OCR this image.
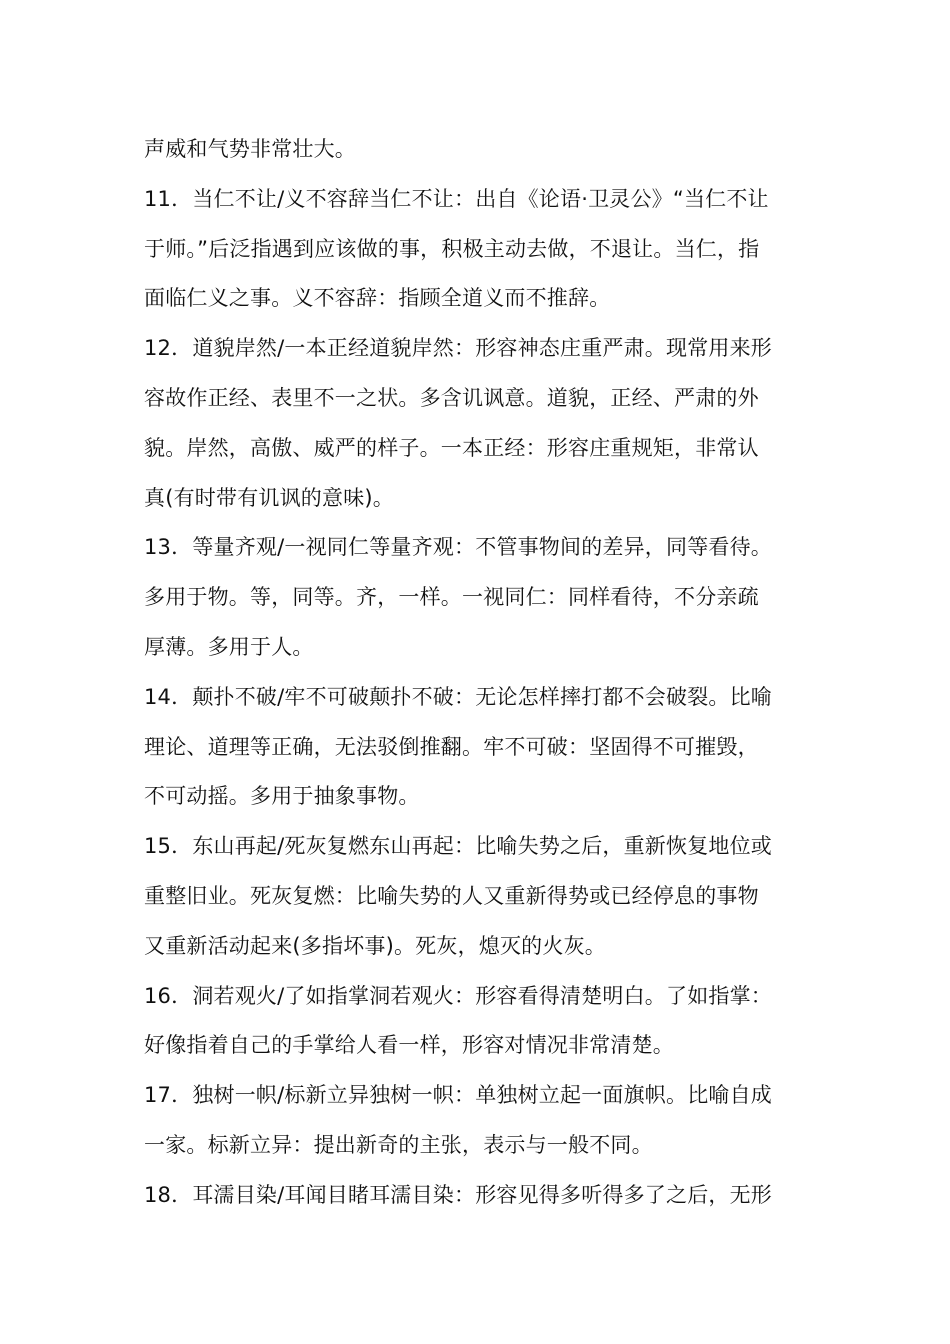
声威和气势非常壮大。
11．当仁不让/义不容辞当仁不让：出自《论语·卫灵公》“当仁不让
于师。”后泛指遇到应该做的事，积极主动去做，不退让。当仁，指
面临仁义之事。义不容辞：指顾全道义而不推辞。
12．道貌岸然/一本正经道貌岸然：形容神态庄重严肃。现常用来形
容故作正经、表里不一之状。多含讥讽意。道貌，正经、严肃的外
貌。岸然，高傲、威严的样子。一本正经：形容庄重规矩，非常认
真(有时带有讥讽的意味)。
13．等量齐观/一视同仁等量齐观：不管事物间的差异，同等看待。
多用于物。等，同等。齐，一样。一视同仁：同样看待，不分亲疏
厚薄。多用于人。
14．颠扑不破/牢不可破颠扑不破：无论怎样摔打都不会破裂。比喻
理论、道理等正确，无法驳倒推翻。牢不可破：坚固得不可摧毁，
不可动摇。多用于抽象事物。
15．东山再起/死灰复燃东山再起：比喻失势之后，重新恢复地位或
重整旧业。死灰复燃：比喻失势的人又重新得势或已经停息的事物
又重新活动起来(多指坏事)。死灰，熄灭的火灰。
16．洞若观火/了如指掌洞若观火：形容看得清楚明白。了如指掌：
好像指着自己的手掌给人看一样，形容对情况非常清楚。
17．独树一帜/标新立异独树一帜：单独树立起一面旗帜。比喻自成
一家。标新立异：提出新奇的主张，表示与一般不同。
18．耳濡目染/耳闻目睹耳濡目染：形容见得多听得多了之后，无形
